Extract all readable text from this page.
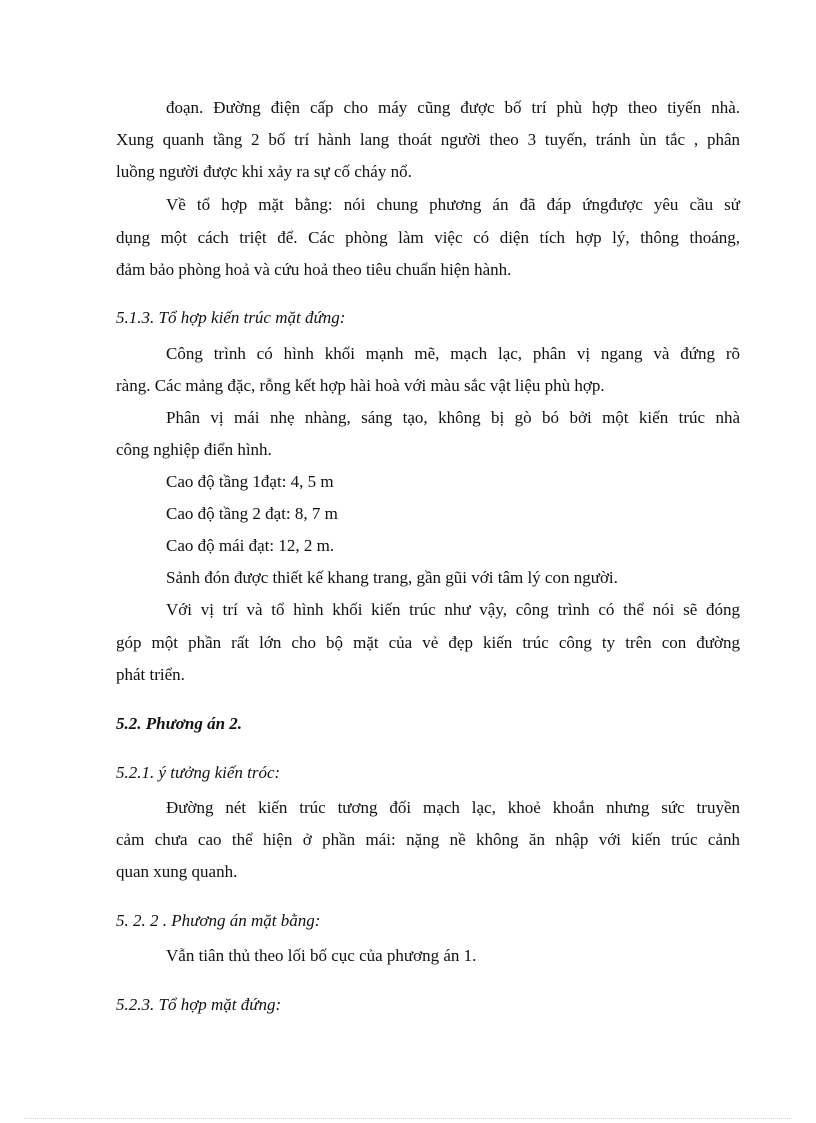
đoạn. Đường điện cấp cho máy cũng được bố trí phù hợp theo tiyến nhà.
Xung quanh tầng 2 bố trí hành lang thoát người theo 3 tuyến, tránh ùn tắc , phân
luồng người được khi xảy ra sự cố cháy nổ.
Về tổ hợp mặt bằng: nói chung phương án đã đáp ứngđược yêu cầu sử
dụng một cách triệt để. Các phòng làm việc có diện tích hợp lý, thông thoáng,
đảm bảo phòng hoả và cứu hoả theo tiêu chuẩn hiện hành.
5.1.3. Tổ hợp kiến trúc mặt đứng:
Công trình có hình khối mạnh mẽ, mạch lạc, phân vị ngang và đứng rõ
ràng. Các mảng đặc, rỗng kết hợp hài hoà với màu sắc vật liệu phù hợp.
Phân vị mái nhẹ nhàng, sáng tạo, không bị gò bó bởi một kiến trúc nhà
công nghiệp điển hình.
Cao độ tầng 1đạt: 4, 5 m
Cao độ tầng 2 đạt: 8, 7 m
Cao độ mái đạt: 12, 2 m.
Sảnh đón được thiết kế khang trang, gần gũi với tâm lý con người.
Với vị trí và tổ hình khối kiến trúc như vậy, công trình có thể nói sẽ đóng
góp một phần rất lớn cho bộ mặt của vẻ đẹp kiến trúc công ty trên con đường
phát triển.
5.2. Phương án 2.
5.2.1. ý tưởng kiến tróc:
Đường nét kiến trúc tương đối mạch lạc, khoẻ khoắn nhưng sức truyền
cảm chưa cao thể hiện ở phần mái: nặng nề không ăn nhập với kiến trúc cảnh
quan xung quanh.
5. 2. 2 . Phương án mặt bằng:
Vẫn tiân thủ theo lối bố cục của phương án 1.
5.2.3. Tổ hợp mặt đứng:
